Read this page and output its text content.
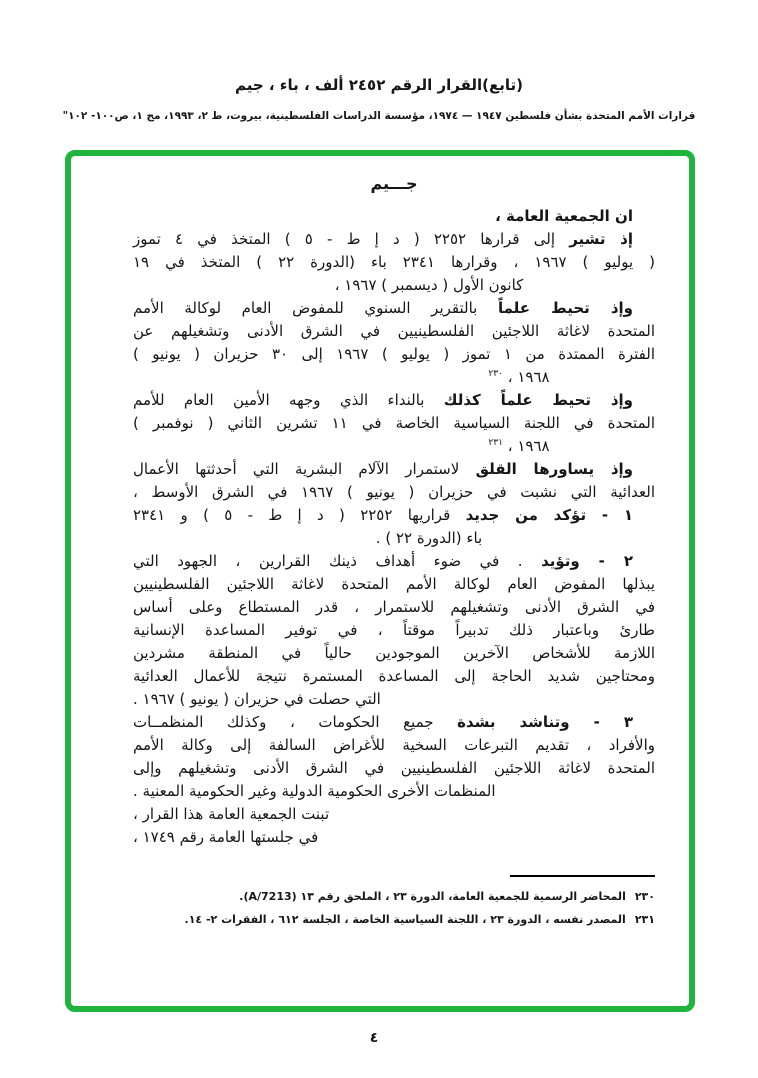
(تابع)القرار الرقم ٢٤٥٢ ألف ، باء ، جيم
قرارات الأمم المتحدة بشأن فلسطين ١٩٤٧ — ١٩٧٤، مؤسسة الدراسات الفلسطينية، بيروت، ط ٢، ١٩٩٣، مج ١، ص١٠٠- ١٠٢"
جـــيم
ان الجمعية العامة ،
إذ تشير إلى قرارها ٢٢٥٢ ( د إ ط - ٥ ) المتخذ في ٤ تموز
( يوليو ) ١٩٦٧ ، وقرارها ٢٣٤١ باء (الدورة ٢٢ ) المتخذ في ١٩
كانون الأول ( ديسمبر ) ١٩٦٧ ،
وإذ تحيط علماً بالتقرير السنوي للمفوض العام لوكالة الأمم
المتحدة لاغاثة اللاجئين الفلسطينيين في الشرق الأدنى وتشغيلهم عن
الفترة الممتدة من ١ تموز ( يوليو ) ١٩٦٧ إلى ٣٠ حزيران ( يونيو )
١٩٦٨ ، $^{٢٣٠}$
وإذ تحيط علماً كذلك بالنداء الذي وجهه الأمين العام للأمم
المتحدة في اللجنة السياسية الخاصة في ١١ تشرين الثاني ( نوفمبر )
١٩٦٨ ، $^{٢٣١}$
وإذ يساورها القلق لاستمرار الآلام البشرية التي أحدثتها الأعمال
العدائية التي نشبت في حزيران ( يونيو ) ١٩٦٧ في الشرق الأوسط ،
١ - تؤكد من جديد قراريها ٢٢٥٢ ( د إ ط - ٥ ) و ٢٣٤١
باء (الدورة ٢٢ ) .
٢ - وتؤيد . في ضوء أهداف ذينك القرارين ، الجهود التي
يبذلها المفوض العام لوكالة الأمم المتحدة لاغاثة اللاجئين الفلسطينيين
في الشرق الأدنى وتشغيلهم للاستمرار ، قدر المستطاع وعلى أساس
طارئ وباعتبار ذلك تدبيراً موقتاً ، في توفير المساعدة الإنسانية
اللازمة للأشخاص الآخرين الموجودين حالياً في المنطقة مشردين
ومحتاجين شديد الحاجة إلى المساعدة المستمرة نتيجة للأعمال العدائية
التي حصلت في حزيران ( يونيو ) ١٩٦٧ .
٣ - وتناشد بشدة جميع الحكومات ، وكذلك المنظمــات
والأفراد ، تقديم التبرعات السخية للأغراض السالفة إلى وكالة الأمم
المتحدة لاغاثة اللاجئين الفلسطينيين في الشرق الأدنى وتشغيلهم وإلى
المنظمات الأخرى الحكومية الدولية وغير الحكومية المعنية .
تبنت الجمعية العامة هذا القرار ،
في جلستها العامة رقم ١٧٤٩ ،
٢٣٠المحاضر الرسمية للجمعية العامة، الدورة ٢٣ ، الملحق رقم ١٣ (A/7213).
٢٣١المصدر نفسه ، الدورة ٢٣ ، اللجنة السياسية الخاصة ، الجلسة ٦١٢ ، الفقرات ٢- ١٤.
٤
